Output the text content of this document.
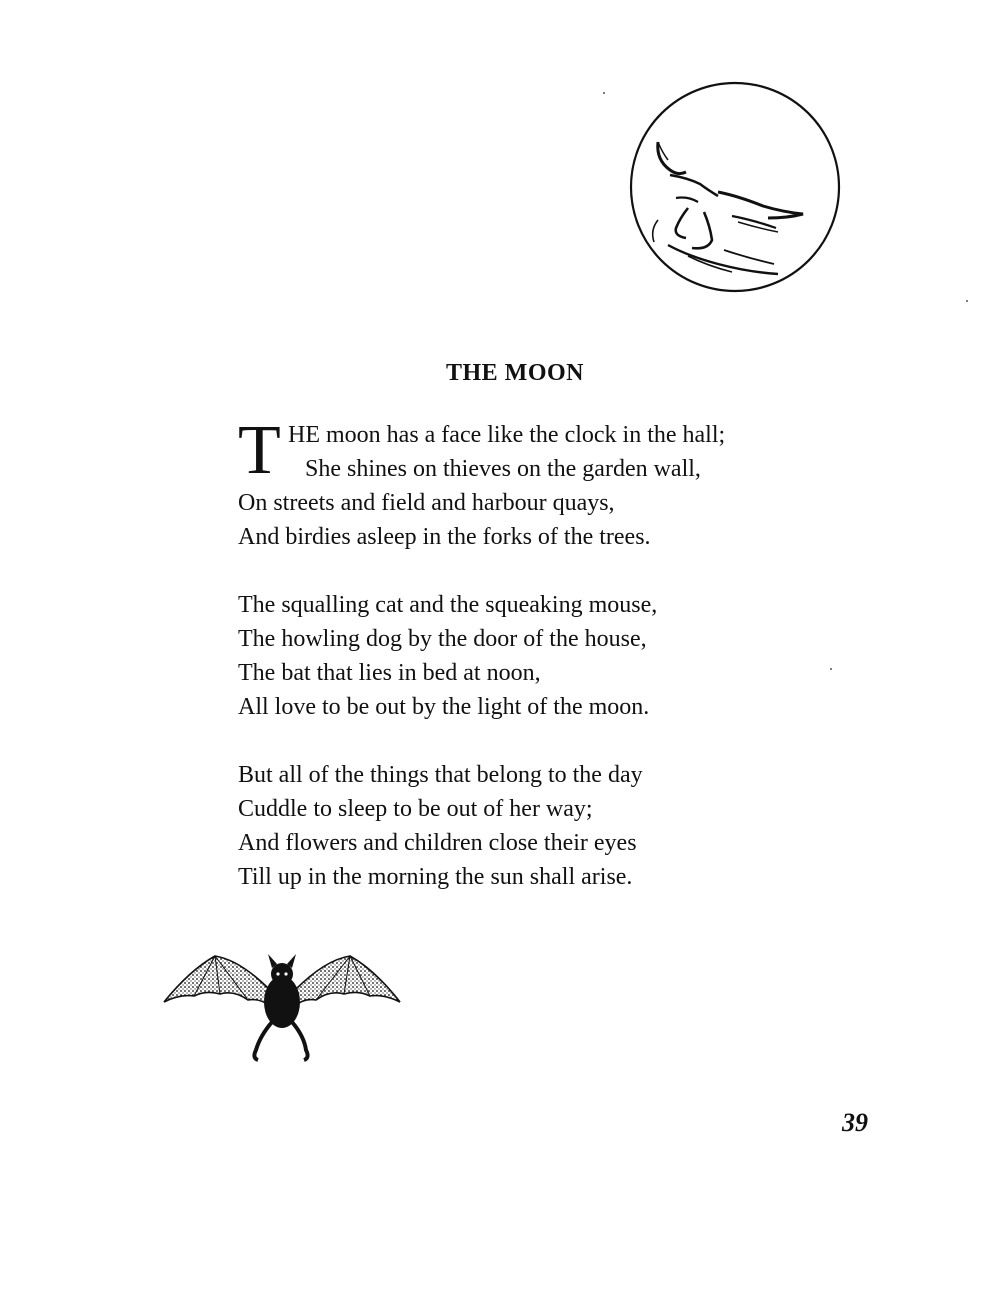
THE MOON
T HE moon has a face like the clock in the hall;
She shines on thieves on the garden wall,
On streets and field and harbour quays,
And birdies asleep in the forks of the trees.
The squalling cat and the squeaking mouse,
The howling dog by the door of the house,
The bat that lies in bed at noon,
All love to be out by the light of the moon.
But all of the things that belong to the day
Cuddle to sleep to be out of her way;
And flowers and children close their eyes
Till up in the morning the sun shall arise.
39
